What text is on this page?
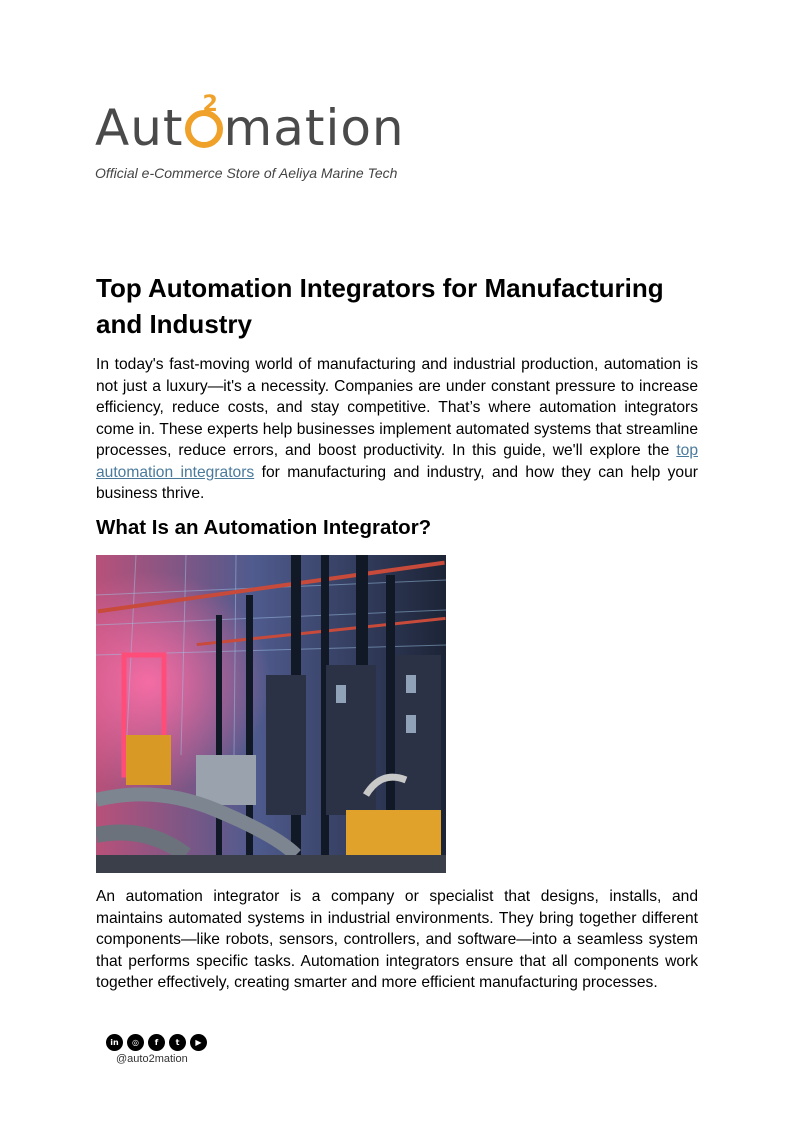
Aut 2 mation
Official e-Commerce Store of Aeliya Marine Tech
Top Automation Integrators for Manufacturing and Industry

In today's fast-moving world of manufacturing and industrial production, automation is not just a luxury—it's a necessity. Companies are under constant pressure to increase efficiency, reduce costs, and stay competitive. That’s where automation integrators come in. These experts help businesses implement automated systems that streamline processes, reduce errors, and boost productivity. In this guide, we'll explore the top automation integrators for manufacturing and industry, and how they can help your business thrive.

What Is an Automation Integrator?

An automation integrator is a company or specialist that designs, installs, and maintains automated systems in industrial environments. They bring together different components—like robots, sensors, controllers, and software—into a seamless system that performs specific tasks. Automation integrators ensure that all components work together effectively, creating smarter and more efficient manufacturing processes.

in	◎	f	t	▶
@auto2mation
